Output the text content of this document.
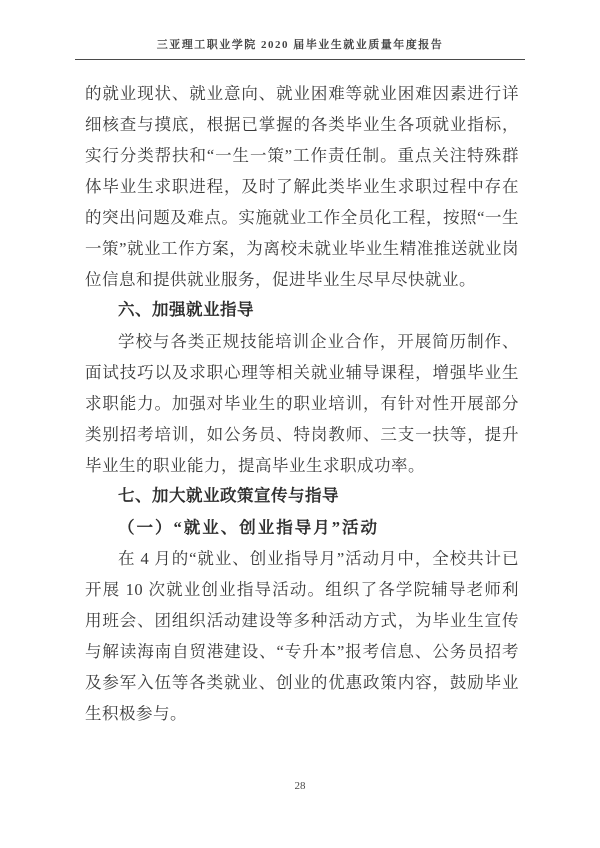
三亚理工职业学院 2020 届毕业生就业质量年度报告

的就业现状、就业意向、就业困难等就业困难因素进行详细核查与摸底，根据已掌握的各类毕业生各项就业指标，实行分类帮扶和“一生一策”工作责任制。重点关注特殊群体毕业生求职进程，及时了解此类毕业生求职过程中存在的突出问题及难点。实施就业工作全员化工程，按照“一生一策”就业工作方案，为离校未就业毕业生精准推送就业岗位信息和提供就业服务，促进毕业生尽早尽快就业。

六、加强就业指导

学校与各类正规技能培训企业合作，开展简历制作、面试技巧以及求职心理等相关就业辅导课程，增强毕业生求职能力。加强对毕业生的职业培训，有针对性开展部分类别招考培训，如公务员、特岗教师、三支一扶等，提升毕业生的职业能力，提高毕业生求职成功率。

七、加大就业政策宣传与指导
（一）“就业、创业指导月”活动

在 4 月的“就业、创业指导月”活动月中，全校共计已开展 10 次就业创业指导活动。组织了各学院辅导老师利用班会、团组织活动建设等多种活动方式，为毕业生宣传与解读海南自贸港建设、“专升本”报考信息、公务员招考及参军入伍等各类就业、创业的优惠政策内容，鼓励毕业生积极参与。

28
